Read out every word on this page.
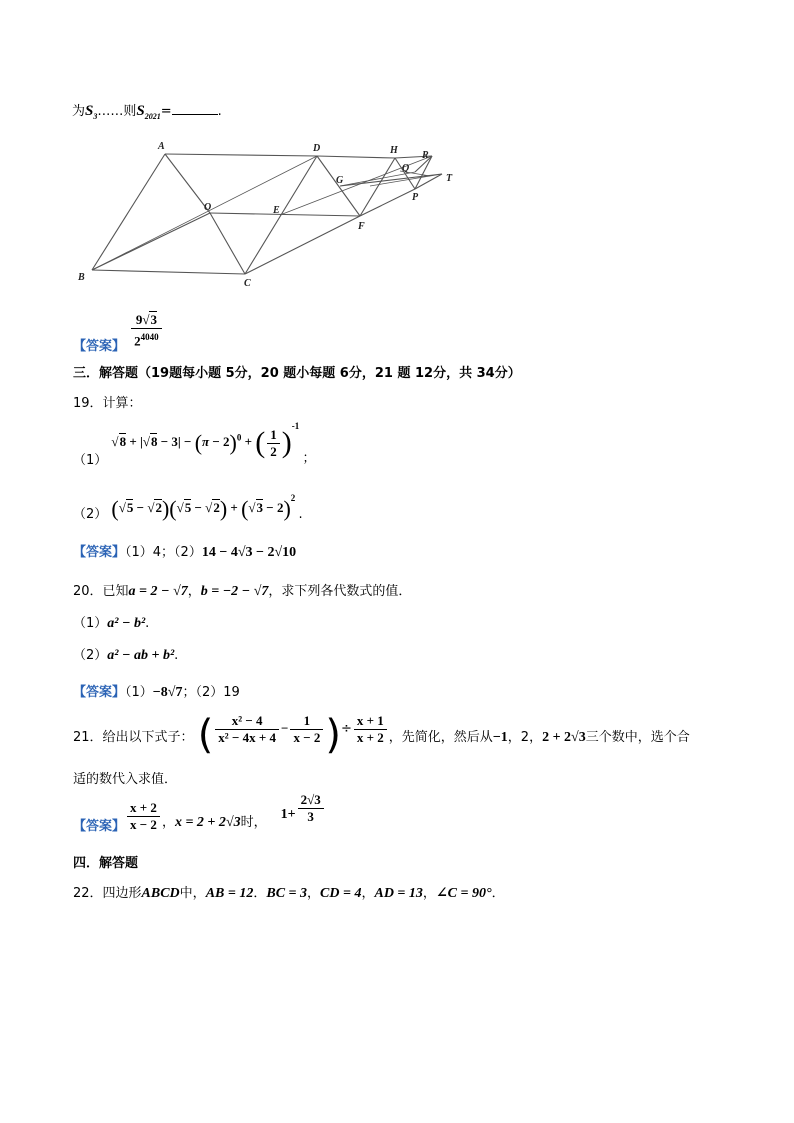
为$S_3\dots\dots$则$S_{2021}=$	.
A
B
C
D
O	E
F
G
H
Q
R
T
P
【答案】 $\frac{9√3}{2^{4040}}$
三．解答题（19题每小题 5分，20 题小每题 6分，21 题 12分，共 34分）
19．计算：
（1） $√8 + |√8 - 3| - (\pi - 2)^0$ + ( $\frac{1}{2} )^{-1}$ ；
（2） $(√5 - √2)(√5 - √2) + (√3 - 2)^2$ .
【答案】（1）4；（2）14 − 4√3 − 2√10
20．已知a = 2 − √7，b = −2 − √7，求下列各代数式的值．
（1）a² − b².
（2）a² − ab + b².
【答案】（1）−8√7；（2）19
21．给出以下式子： ( $\frac{\text{x² − 4}}{\text{x² − 4x + 4}} - \frac{1}{x - 2}$ )÷ $\frac{x + 1}{x + 2}$ ，先简化，然后从−1，2，2 + 2√3三个数中，选个合
适的数代入求值．
【答案】 $\frac{x + 2}{x - 2}$ ，x = 2 + 2√3时，$1+ \frac{2√3}{3}$
四．解答题
22．四边形ABCD中，AB = 12．BC = 3，CD = 4，AD = 13，∠C = 90°．
